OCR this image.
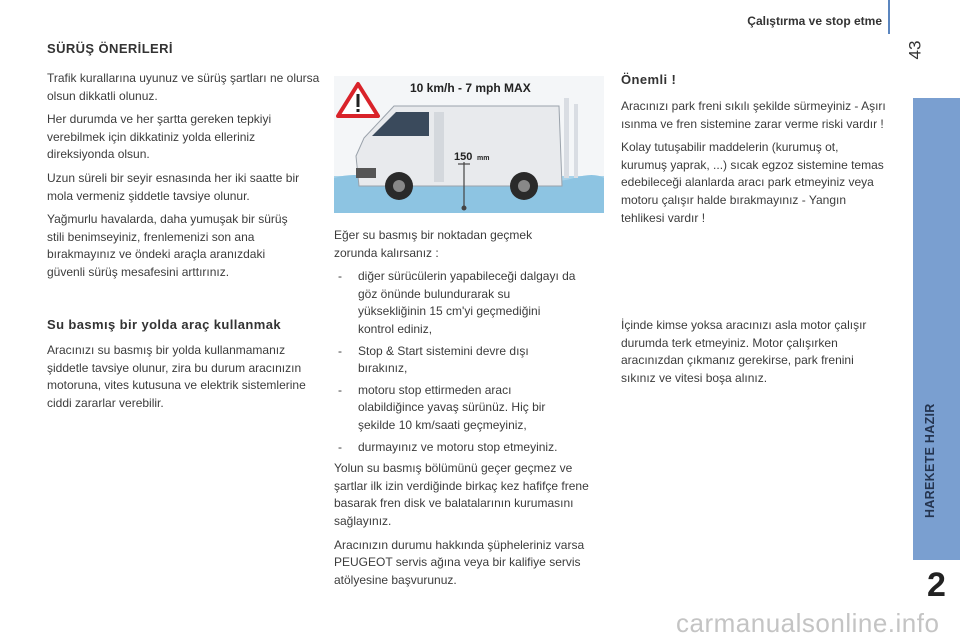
Çalıştırma ve stop etme
43
HAREKETE HAZIR
2
SÜRÜŞ ÖNERİLERİ

Trafik kurallarına uyunuz ve sürüş şartları ne olursa olsun dikkatli olunuz.

Her durumda ve her şartta gereken tepkiyi verebilmek için dikkatiniz yolda elleriniz direksiyonda olsun.

Uzun süreli bir seyir esnasında her iki saatte bir mola vermeniz şiddetle tavsiye olunur.

Yağmurlu havalarda, daha yumuşak bir sürüş stili benimseyiniz, frenlemenizi son ana bırakmayınız ve öndeki araçla aranızdaki güvenli sürüş mesafesini arttırınız.

Su basmış bir yolda araç kullanmak

Aracınızı su basmış bir yolda kullanmamanız şiddetle tavsiye olunur, zira bu durum aracınızın motoruna, vites kutusuna ve elektrik sistemlerine ciddi zararlar verebilir.

10 km/h - 7 mph MAX
150 mm

Eğer su basmış bir noktadan geçmek zorunda kalırsanız :

- diğer sürücülerin yapabileceği dalgayı da göz önünde bulundurarak su yüksekliğinin 15 cm'yi geçmediğini kontrol ediniz,
- Stop & Start sistemini devre dışı bırakınız,
- motoru stop ettirmeden aracı olabildiğince yavaş sürünüz. Hiç bir şekilde 10 km/saati geçmeyiniz,
- durmayınız ve motoru stop etmeyiniz.

Yolun su basmış bölümünü geçer geçmez ve şartlar ilk izin verdiğinde birkaç kez hafifçe frene basarak fren disk ve balatalarının kurumasını sağlayınız.

Aracınızın durumu hakkında şüpheleriniz varsa PEUGEOT servis ağına veya bir kalifiye servis atölyesine başvurunuz.

Önemli !

Aracınızı park freni sıkılı şekilde sürmeyiniz - Aşırı ısınma ve fren sistemine zarar verme riski vardır !

Kolay tutuşabilir maddelerin (kurumuş ot, kurumuş yaprak, ...) sıcak egzoz sistemine temas edebileceği alanlarda aracı park etmeyiniz veya motoru çalışır halde bırakmayınız - Yangın tehlikesi vardır !

İçinde kimse yoksa aracınızı asla motor çalışır durumda terk etmeyiniz. Motor çalışırken aracınızdan çıkmanız gerekirse, park frenini sıkınız ve vitesi boşa alınız.

carmanualsonline.info
